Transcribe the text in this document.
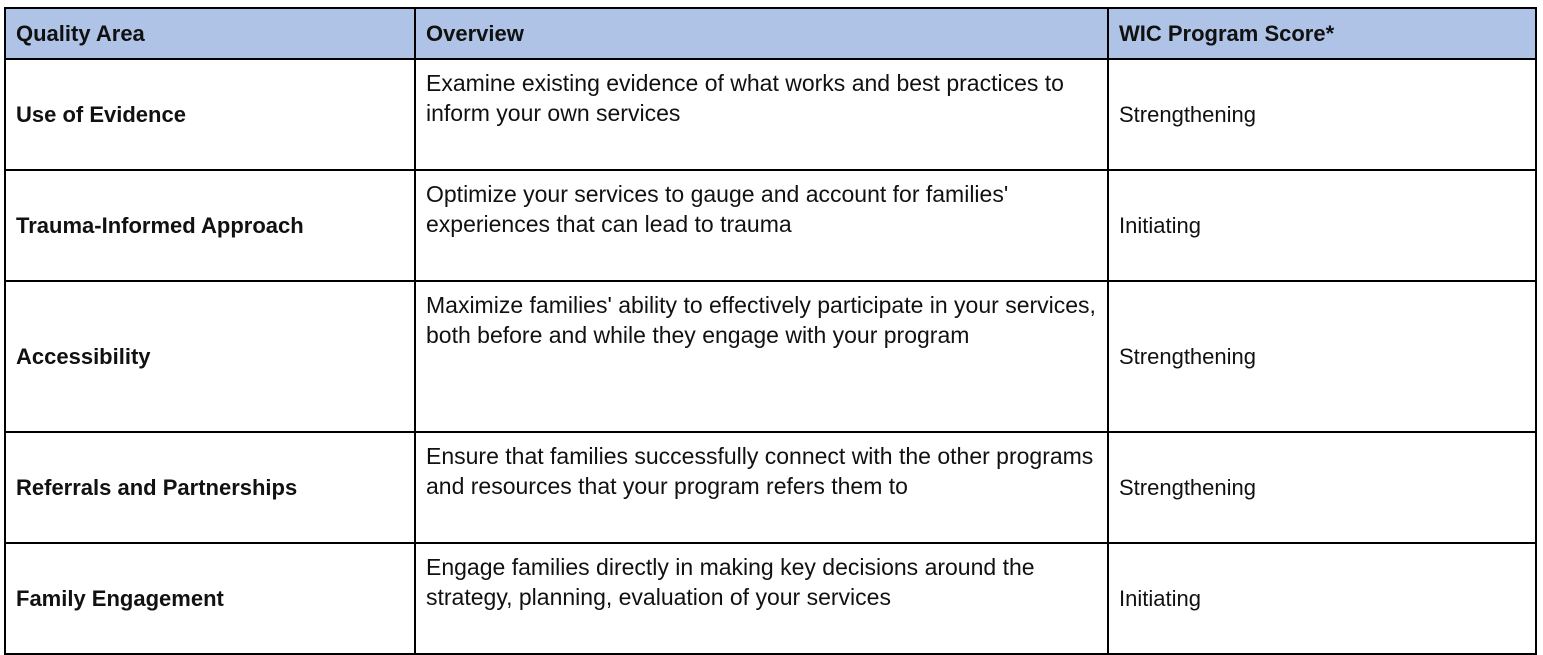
Quality Area	Overview	WIC Program Score*
Use of Evidence	Examine existing evidence of what works and best practices to inform your own services	Strengthening
Trauma-Informed Approach	Optimize your services to gauge and account for families' experiences that can lead to trauma	Initiating
Accessibility	Maximize families' ability to effectively participate in your services, both before and while they engage with your program	Strengthening
Referrals and Partnerships	Ensure that families successfully connect with the other programs and resources that your program refers them to	Strengthening
Family Engagement	Engage families directly in making key decisions around the strategy, planning, evaluation of your services	Initiating
